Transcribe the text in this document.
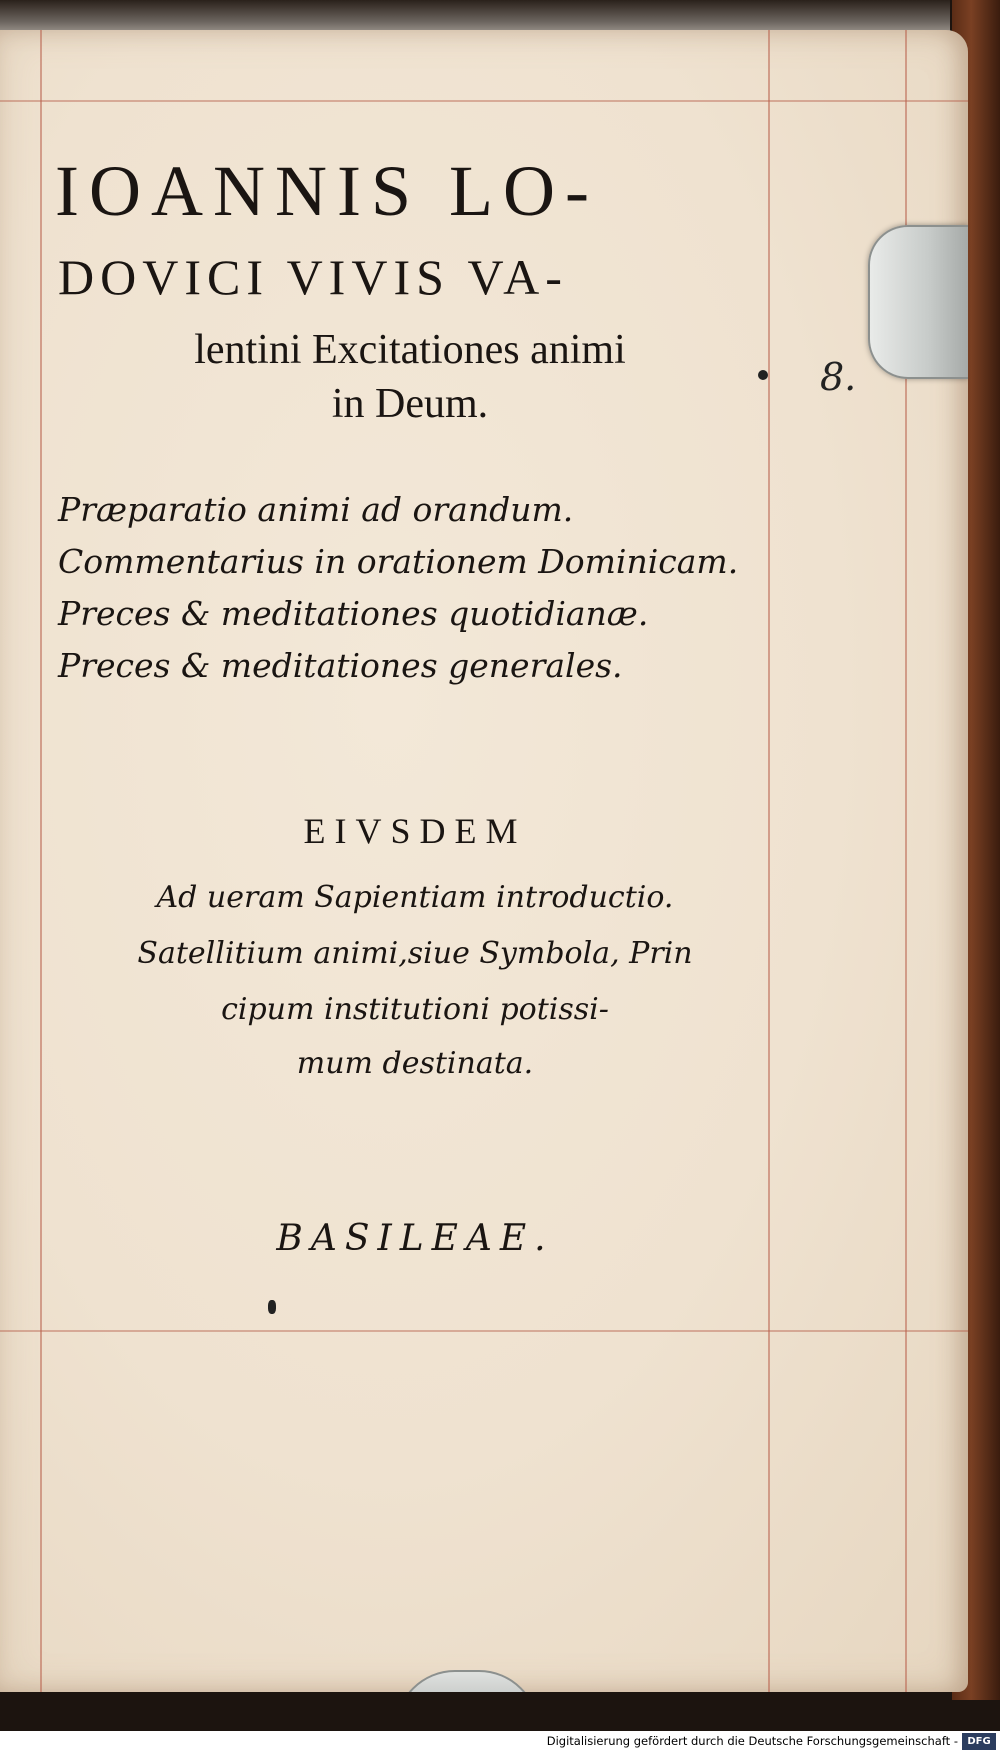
IOANNIS LO-
DOVICI VIVIS VA-
lentini Excitationes animi
in Deum.
Præparatio animi ad orandum.
Commentarius in orationem Dominicam.
Preces & meditationes quotidianæ.
Preces & meditationes generales.
EIVSDEM
Ad ueram Sapientiam introductio.
Satellitium animi,siue Symbola, Prin
cipum institutioni potissi-
mum destinata.
BASILEAE.
8.
Digitalisierung gefördert durch die Deutsche Forschungsgemeinschaft - DFG
